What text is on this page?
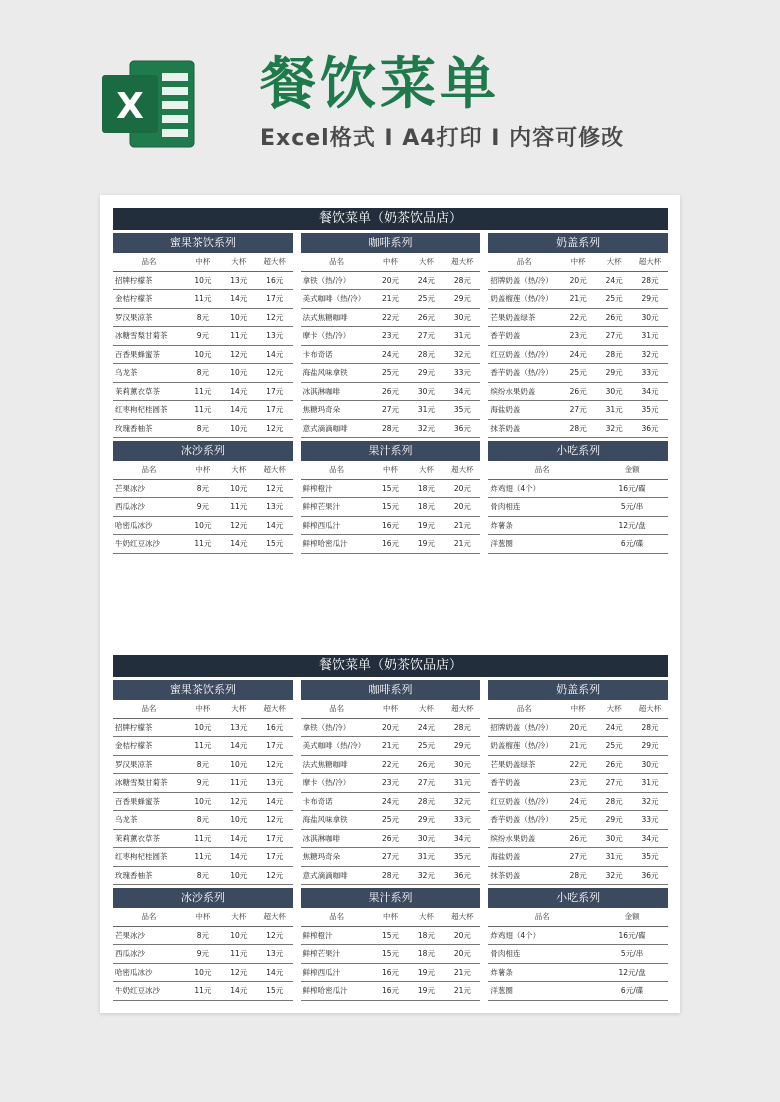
X 餐饮菜单
Excel格式 I A4打印 I 内容可修改
餐饮菜单（奶茶饮品店）
蜜果茶饮系列
品名	中杯	大杯	超大杯
招牌柠檬茶	10元	13元	16元
金桔柠檬茶	11元	14元	17元
罗汉果凉茶	8元	10元	12元
冰糖雪梨甘菊茶	9元	11元	13元
百香果蜂蜜茶	10元	12元	14元
乌龙茶	8元	10元	12元
茉莉薰衣草茶	11元	14元	17元
红枣枸杞桂圆茶	11元	14元	17元
玫瑰香柚茶	8元	10元	12元
咖啡系列
品名	中杯	大杯	超大杯
拿铁（热/冷）	20元	24元	28元
美式咖啡（热/冷）	21元	25元	29元
法式焦糖咖啡	22元	26元	30元
摩卡（热/冷）	23元	27元	31元
卡布奇诺	24元	28元	32元
海盐风味拿铁	25元	29元	33元
冰淇淋咖啡	26元	30元	34元
焦糖玛奇朵	27元	31元	35元
意式滴滴咖啡	28元	32元	36元
奶盖系列
品名	中杯	大杯	超大杯
招牌奶盖（热/冷）	20元	24元	28元
奶盖榴莲（热/冷）	21元	25元	29元
芒果奶盖绿茶	22元	26元	30元
香芋奶盖	23元	27元	31元
红豆奶盖（热/冷）	24元	28元	32元
香芋奶盖（热/冷）	25元	29元	33元
缤纷水果奶盖	26元	30元	34元
海盐奶盖	27元	31元	35元
抹茶奶盖	28元	32元	36元
冰沙系列
品名	中杯	大杯	超大杯
芒果冰沙	8元	10元	12元
西瓜冰沙	9元	11元	13元
哈密瓜冰沙	10元	12元	14元
牛奶红豆冰沙	11元	14元	15元
果汁系列
品名	中杯	大杯	超大杯
鲜榨橙汁	15元	18元	20元
鲜榨芒果汁	15元	18元	20元
鲜榨西瓜汁	16元	19元	21元
鲜榨哈密瓜汁	16元	19元	21元
小吃系列
品名	金额
炸鸡翅（4个）	16元/碟
骨肉相连	5元/串
炸薯条	12元/盘
洋葱圈	6元/碟
餐饮菜单（奶茶饮品店）
蜜果茶饮系列
品名	中杯	大杯	超大杯
招牌柠檬茶	10元	13元	16元
金桔柠檬茶	11元	14元	17元
罗汉果凉茶	8元	10元	12元
冰糖雪梨甘菊茶	9元	11元	13元
百香果蜂蜜茶	10元	12元	14元
乌龙茶	8元	10元	12元
茉莉薰衣草茶	11元	14元	17元
红枣枸杞桂圆茶	11元	14元	17元
玫瑰香柚茶	8元	10元	12元
咖啡系列
品名	中杯	大杯	超大杯
拿铁（热/冷）	20元	24元	28元
美式咖啡（热/冷）	21元	25元	29元
法式焦糖咖啡	22元	26元	30元
摩卡（热/冷）	23元	27元	31元
卡布奇诺	24元	28元	32元
海盐风味拿铁	25元	29元	33元
冰淇淋咖啡	26元	30元	34元
焦糖玛奇朵	27元	31元	35元
意式滴滴咖啡	28元	32元	36元
奶盖系列
品名	中杯	大杯	超大杯
招牌奶盖（热/冷）	20元	24元	28元
奶盖榴莲（热/冷）	21元	25元	29元
芒果奶盖绿茶	22元	26元	30元
香芋奶盖	23元	27元	31元
红豆奶盖（热/冷）	24元	28元	32元
香芋奶盖（热/冷）	25元	29元	33元
缤纷水果奶盖	26元	30元	34元
海盐奶盖	27元	31元	35元
抹茶奶盖	28元	32元	36元
冰沙系列
品名	中杯	大杯	超大杯
芒果冰沙	8元	10元	12元
西瓜冰沙	9元	11元	13元
哈密瓜冰沙	10元	12元	14元
牛奶红豆冰沙	11元	14元	15元
果汁系列
品名	中杯	大杯	超大杯
鲜榨橙汁	15元	18元	20元
鲜榨芒果汁	15元	18元	20元
鲜榨西瓜汁	16元	19元	21元
鲜榨哈密瓜汁	16元	19元	21元
小吃系列
品名	金额
炸鸡翅（4个）	16元/碟
骨肉相连	5元/串
炸薯条	12元/盘
洋葱圈	6元/碟
